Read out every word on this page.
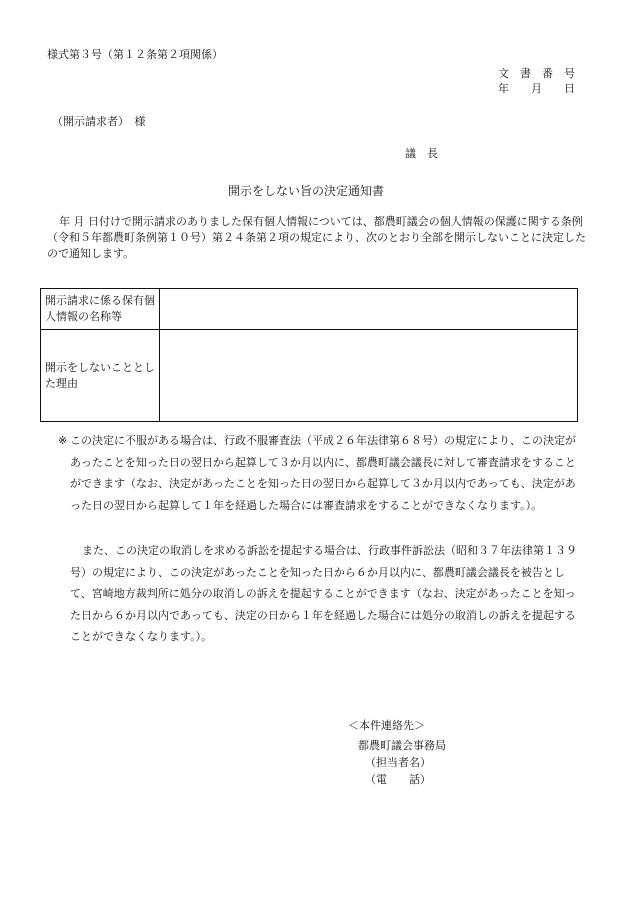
様式第３号（第１２条第２項関係）
文　書　番　号
年　　月　　日
（開示請求者）　様
議　長
開示をしない旨の決定通知書
年 月 日付けで開示請求のありました保有個人情報については、都農町議会の個人情報の保護に関する条例（令和５年都農町条例第１０号）第２４条第２項の規定により、次のとおり全部を開示しないことに決定したので通知します。
開示請求に係る保有個人情報の名称等	
開示をしないこととした理由	
※ この決定に不服がある場合は、行政不服審査法（平成２６年法律第６８号）の規定により、この決定があったことを知った日の翌日から起算して３か月以内に、都農町議会議長に対して審査請求をすることができます（なお、決定があったことを知った日の翌日から起算して３か月以内であっても、決定があった日の翌日から起算して１年を経過した場合には審査請求をすることができなくなります。）。
また、この決定の取消しを求める訴訟を提起する場合は、行政事件訴訟法（昭和３７年法律第１３９号）の規定により、この決定があったことを知った日から６か月以内に、都農町議会議長を被告として、宮崎地方裁判所に処分の取消しの訴えを提起することができます（なお、決定があったことを知った日から６か月以内であっても、決定の日から１年を経過した場合には処分の取消しの訴えを提起することができなくなります。）。
＜本件連絡先＞
都農町議会事務局
（担当者名）
（電　　話）
